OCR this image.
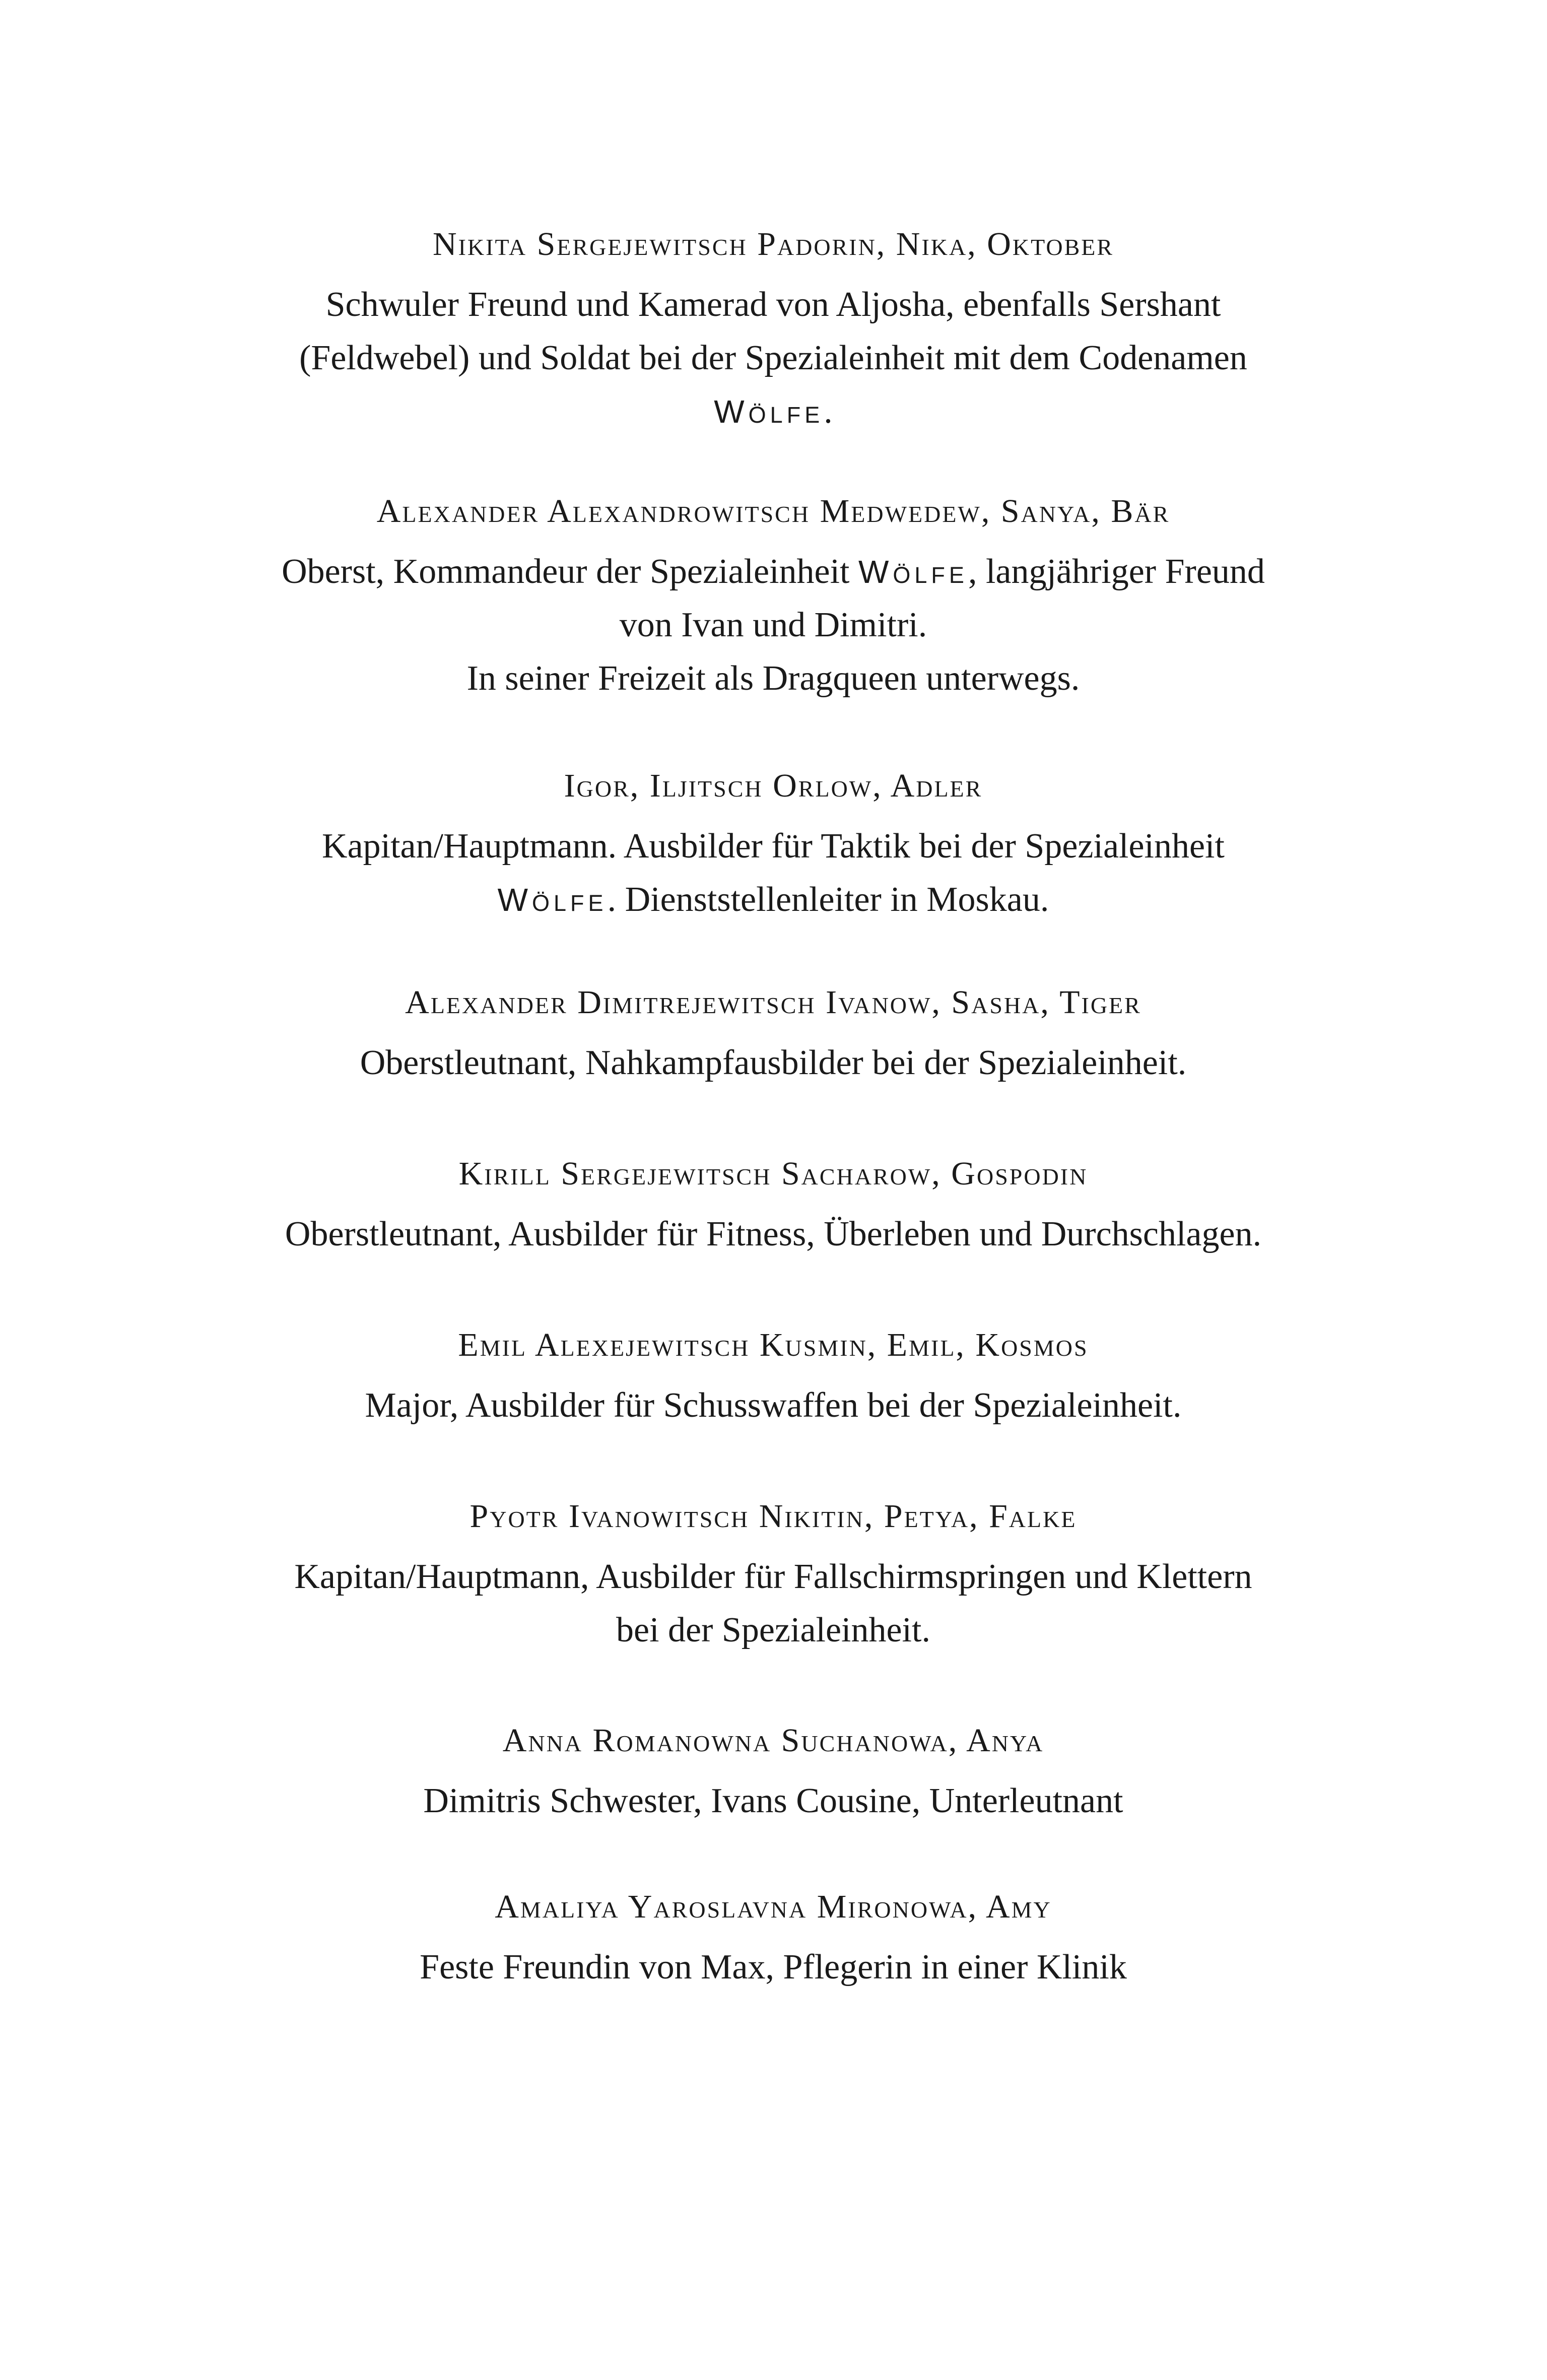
Nikita Sergejewitsch Padorin, Nika, Oktober

Schwuler Freund und Kamerad von Aljosha, ebenfalls Sershant (Feldwebel) und Soldat bei der Spezialeinheit mit dem Codenamen
Wölfe.

Alexander Alexandrowitsch Medwedew, Sanya, Bär

Oberst, Kommandeur der Spezialeinheit Wölfe, langjähriger Freund von Ivan und Dimitri.
In seiner Freizeit als Dragqueen unterwegs.

Igor, Iljitsch Orlow, Adler

Kapitan/Hauptmann. Ausbilder für Taktik bei der Spezialeinheit Wölfe. Dienststellenleiter in Moskau.

Alexander Dimitrejewitsch Ivanow, Sasha, Tiger

Oberstleutnant, Nahkampfausbilder bei der Spezialeinheit.

Kirill Sergejewitsch Sacharow, Gospodin

Oberstleutnant, Ausbilder für Fitness, Überleben und Durchschlagen.

Emil Alexejewitsch Kusmin, Emil, Kosmos

Major, Ausbilder für Schusswaffen bei der Spezialeinheit.

Pyotr Ivanowitsch Nikitin, Petya, Falke

Kapitan/Hauptmann, Ausbilder für Fallschirmspringen und Klettern bei der Spezialeinheit.

Anna Romanowna Suchanowa, Anya

Dimitris Schwester, Ivans Cousine, Unterleutnant

Amaliya Yaroslavna Mironowa, Amy

Feste Freundin von Max, Pflegerin in einer Klinik
